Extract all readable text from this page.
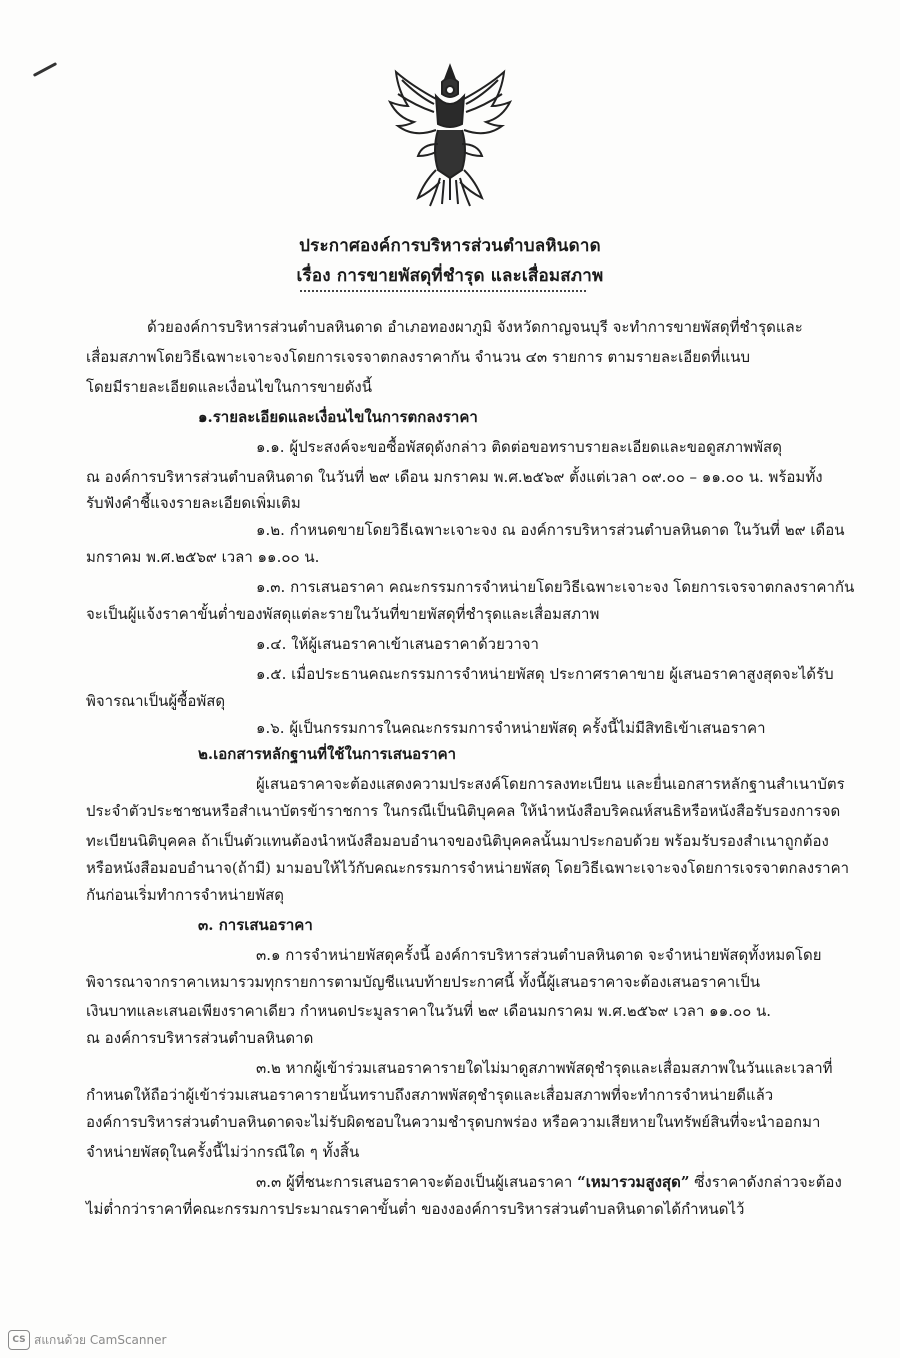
ประกาศองค์การบริหารส่วนตำบลหินดาด
เรื่อง การขายพัสดุที่ชำรุด และเสื่อมสภาพ
ด้วยองค์การบริหารส่วนตำบลหินดาด อำเภอทองผาภูมิ จังหวัดกาญจนบุรี จะทำการขายพัสดุที่ชำรุดและ
เสื่อมสภาพโดยวิธีเฉพาะเจาะจงโดยการเจรจาตกลงราคากัน จำนวน ๔๓ รายการ ตามรายละเอียดที่แนบ
โดยมีรายละเอียดและเงื่อนไขในการขายดังนี้
๑.รายละเอียดและเงื่อนไขในการตกลงราคา
๑.๑. ผู้ประสงค์จะขอซื้อพัสดุดังกล่าว ติดต่อขอทราบรายละเอียดและขอดูสภาพพัสดุ
ณ องค์การบริหารส่วนตำบลหินดาด ในวันที่ ๒๙ เดือน มกราคม พ.ศ.๒๕๖๙ ตั้งแต่เวลา ๐๙.๐๐ – ๑๑.๐๐ น. พร้อมทั้ง
รับฟังคำชี้แจงรายละเอียดเพิ่มเติม
๑.๒. กำหนดขายโดยวิธีเฉพาะเจาะจง ณ องค์การบริหารส่วนตำบลหินดาด ในวันที่ ๒๙ เดือน
มกราคม พ.ศ.๒๕๖๙ เวลา ๑๑.๐๐ น.
๑.๓. การเสนอราคา คณะกรรมการจำหน่ายโดยวิธีเฉพาะเจาะจง โดยการเจรจาตกลงราคากัน
จะเป็นผู้แจ้งราคาขั้นต่ำของพัสดุแต่ละรายในวันที่ขายพัสดุที่ชำรุดและเสื่อมสภาพ
๑.๔. ให้ผู้เสนอราคาเข้าเสนอราคาด้วยวาจา
๑.๕. เมื่อประธานคณะกรรมการจำหน่ายพัสดุ ประกาศราคาขาย ผู้เสนอราคาสูงสุดจะได้รับ
พิจารณาเป็นผู้ซื้อพัสดุ
๑.๖. ผู้เป็นกรรมการในคณะกรรมการจำหน่ายพัสดุ ครั้งนี้ไม่มีสิทธิเข้าเสนอราคา
๒.เอกสารหลักฐานที่ใช้ในการเสนอราคา
ผู้เสนอราคาจะต้องแสดงความประสงค์โดยการลงทะเบียน และยื่นเอกสารหลักฐานสำเนาบัตร
ประจำตัวประชาชนหรือสำเนาบัตรข้าราชการ ในกรณีเป็นนิติบุคคล ให้นำหนังสือบริคณห์สนธิหรือหนังสือรับรองการจด
ทะเบียนนิติบุคคล ถ้าเป็นตัวแทนต้องนำหนังสือมอบอำนาจของนิติบุคคลนั้นมาประกอบด้วย พร้อมรับรองสำเนาถูกต้อง
หรือหนังสือมอบอำนาจ(ถ้ามี) มามอบให้ไว้กับคณะกรรมการจำหน่ายพัสดุ โดยวิธีเฉพาะเจาะจงโดยการเจรจาตกลงราคา
กันก่อนเริ่มทำการจำหน่ายพัสดุ
๓. การเสนอราคา
๓.๑ การจำหน่ายพัสดุครั้งนี้ องค์การบริหารส่วนตำบลหินดาด จะจำหน่ายพัสดุทั้งหมดโดย
พิจารณาจากราคาเหมารวมทุกรายการตามบัญชีแนบท้ายประกาศนี้ ทั้งนี้ผู้เสนอราคาจะต้องเสนอราคาเป็น
เงินบาทและเสนอเพียงราคาเดียว กำหนดประมูลราคาในวันที่ ๒๙ เดือนมกราคม พ.ศ.๒๕๖๙ เวลา ๑๑.๐๐ น.
ณ องค์การบริหารส่วนตำบลหินดาด
๓.๒ หากผู้เข้าร่วมเสนอราคารายใดไม่มาดูสภาพพัสดุชำรุดและเสื่อมสภาพในวันและเวลาที่
กำหนดให้ถือว่าผู้เข้าร่วมเสนอราคารายนั้นทราบถึงสภาพพัสดุชำรุดและเสื่อมสภาพที่จะทำการจำหน่ายดีแล้ว
องค์การบริหารส่วนตำบลหินดาดจะไม่รับผิดชอบในความชำรุดบกพร่อง หรือความเสียหายในทรัพย์สินที่จะนำออกมา
จำหน่ายพัสดุในครั้งนี้ไม่ว่ากรณีใด ๆ ทั้งสิ้น
๓.๓ ผู้ที่ชนะการเสนอราคาจะต้องเป็นผู้เสนอราคา “เหมารวมสูงสุด” ซึ่งราคาดังกล่าวจะต้อง
ไม่ต่ำกว่าราคาที่คณะกรรมการประมาณราคาขั้นต่ำ ของงองค์การบริหารส่วนตำบลหินดาดได้กำหนดไว้
CS สแกนด้วย CamScanner
